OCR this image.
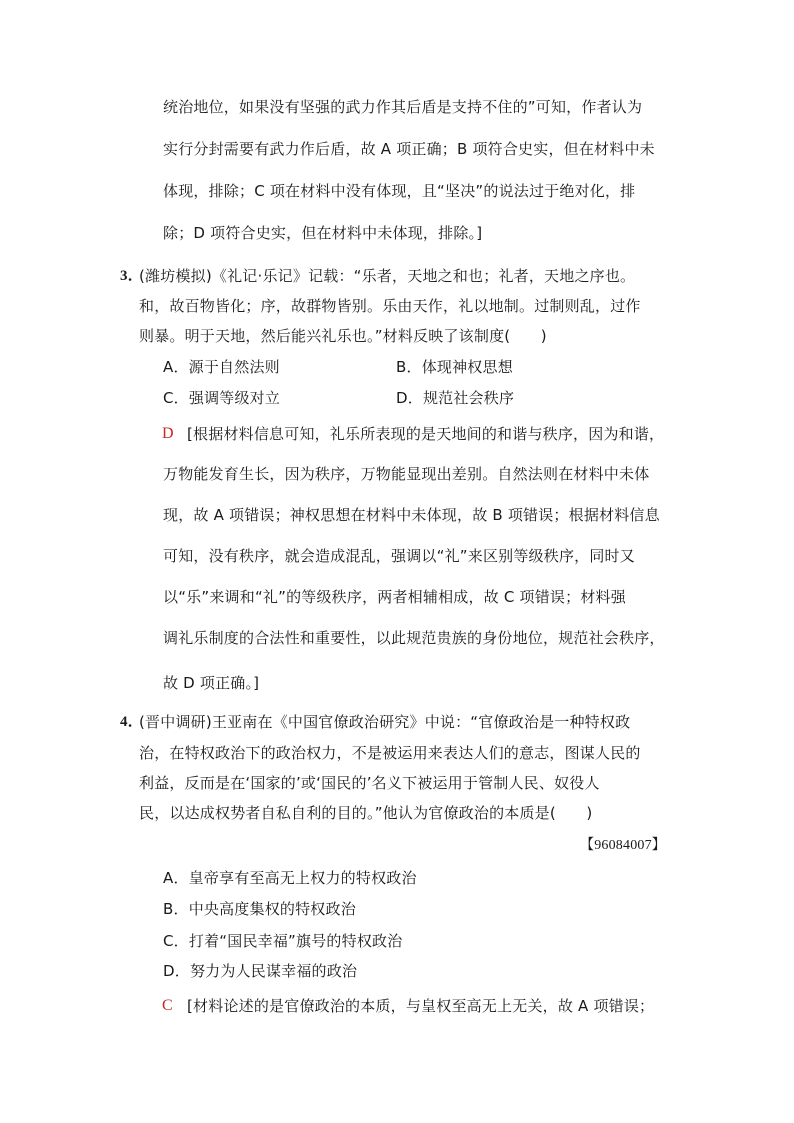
统治地位，如果没有坚强的武力作其后盾是支持不住的”可知，作者认为
实行分封需要有武力作后盾，故 A 项正确；B 项符合史实，但在材料中未
体现，排除；C 项在材料中没有体现，且“坚决”的说法过于绝对化，排
除；D 项符合史实，但在材料中未体现，排除。]
3．
(潍坊模拟)《礼记·乐记》记载：“乐者，天地之和也；礼者，天地之序也。
和，故百物皆化；序，故群物皆别。乐由天作，礼以地制。过制则乱，过作
则暴。明于天地，然后能兴礼乐也。”材料反映了该制度(　　)
A．源于自然法则	B．体现神权思想
C．强调等级对立	D．规范社会秩序
D [根据材料信息可知，礼乐所表现的是天地间的和谐与秩序，因为和谐，
万物能发育生长，因为秩序，万物能显现出差别。自然法则在材料中未体
现，故 A 项错误；神权思想在材料中未体现，故 B 项错误；根据材料信息
可知，没有秩序，就会造成混乱，强调以“礼”来区别等级秩序，同时又
以“乐”来调和“礼”的等级秩序，两者相辅相成，故 C 项错误；材料强
调礼乐制度的合法性和重要性，以此规范贵族的身份地位，规范社会秩序，
故 D 项正确。]
4．
(晋中调研)王亚南在《中国官僚政治研究》中说：“官僚政治是一种特权政
治，在特权政治下的政治权力，不是被运用来表达人们的意志，图谋人民的
利益，反而是在‘国家的’或‘国民的’名义下被运用于管制人民、奴役人
民，以达成权势者自私自利的目的。”他认为官僚政治的本质是(　　)
【96084007】
A．皇帝享有至高无上权力的特权政治
B．中央高度集权的特权政治
C．打着“国民幸福”旗号的特权政治
D．努力为人民谋幸福的政治
C [材料论述的是官僚政治的本质，与皇权至高无上无关，故 A 项错误；
